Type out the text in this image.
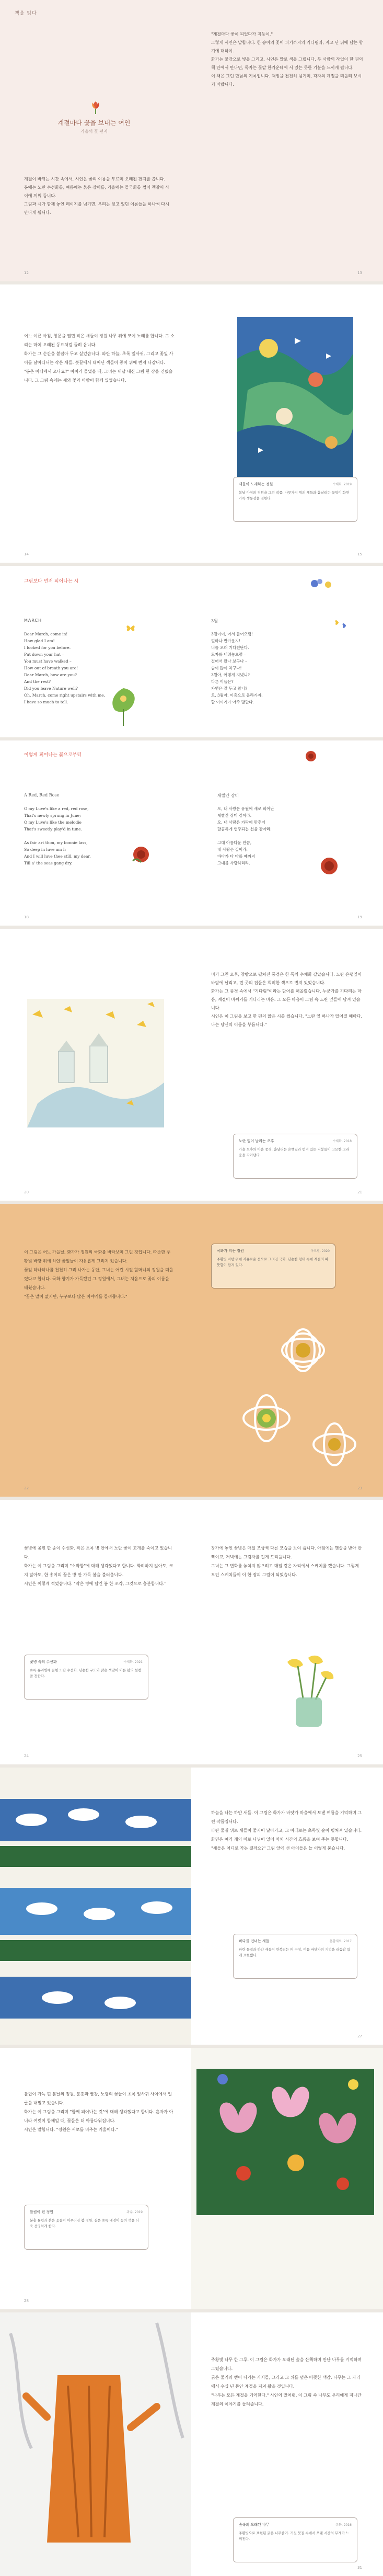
책을 읽다
계절마다 꽃을 보내는 여인
가을의 꽃 편지

계절이 바뀌는 시간 속에서, 시인은 꽃의 이름을 부르며 오래된 편지를 씁니다. 봄에는 노란 수선화를, 여름에는 붉은 장미를, 가을에는 들국화를 꺾어 책갈피 사이에 끼워 둡니다.
그림과 시가 함께 놓인 페이지를 넘기면, 우리는 잊고 있던 이름들을 하나씩 다시 만나게 됩니다.

"계절마다 꽃이 피었다가 지듯이."
그렇게 시인은 말합니다. 한 송이의 꽃이 피기까지의 기다림과, 지고 난 뒤에 남는 향기에 대하여.
화가는 물감으로 빛을 그리고, 시인은 말로 색을 그립니다. 두 사람의 작업이 한 권의 책 안에서 만나면, 독자는 꽃밭 한가운데에 서 있는 듯한 기분을 느끼게 됩니다.
이 책은 그런 만남의 기록입니다. 책장을 천천히 넘기며, 각자의 계절을 떠올려 보시기 바랍니다.

12	13

어느 이른 아침, 창문을 열면 작은 새들이 정원 나무 위에 모여 노래를 합니다. 그 소리는 마치 오래된 동요처럼 들려 옵니다.
화가는 그 순간을 붙잡아 두고 싶었습니다. 파란 하늘, 초록 잎사귀, 그리고 꽃잎 사이를 날아다니는 작은 새들. 붓끝에서 태어난 색들이 종이 위에 번져 나갑니다.
"봄은 어디에서 오나요?" 아이가 물었을 때, 그녀는 대답 대신 그림 한 장을 건넸습니다. 그 그림 속에는 새와 꽃과 바람이 함께 있었습니다.

새들이 노래하는 정원	수채화, 2019
봄날 아침의 정원을 그린 작품. 나뭇가지 위의 새들과 흩날리는 꽃잎이 화면 가득 생동감을 전한다.
14	15
그림보다 먼저 피어나는 시
MARCH

Dear March, come in!
How glad I am!
I looked for you before.
Put down your hat –
You must have walked –
How out of breath you are!
Dear March, how are you?
And the rest?
Did you leave Nature well?
Oh, March, come right upstairs with me,
I have so much to tell.

3월

3월이여, 어서 들어오렴!
얼마나 반가운지!
너를 오래 기다렸단다.
모자를 내려놓으렴 –
걸어서 왔나 보구나 –
숨이 많이 차구나!
3월아, 어떻게 지냈니?
다른 이들은?
자연은 잘 두고 왔니?
오, 3월아, 이층으로 올라가자,
할 이야기가 아주 많단다.

이렇게 피어나는 꽃으로부터
A Red, Red Rose

O my Luve's like a red, red rose,
That's newly sprung in June;
O my Luve's like the melodie
That's sweetly play'd in tune.

As fair art thou, my bonnie lass,
So deep in luve am I;
And I will luve thee still, my dear,
Till a' the seas gang dry.

새빨간 장미

오, 내 사랑은 유월에 새로 피어난
새빨간 장미 같아라.
오, 내 사랑은 가락에 맞추어
달콤하게 연주되는 선율 같아라.

그대 아름다운 만큼,
내 사랑은 깊어라.
바다가 다 마를 때까지
그대를 사랑하리라.

18	19

비가 그친 오후, 창밖으로 펼쳐진 풍경은 한 폭의 수채화 같았습니다. 노란 은행잎이 바람에 날리고, 먼 곳의 집들은 희미한 색으로 번져 있었습니다.
화가는 그 풍경 속에서 "기다림"이라는 단어를 떠올렸습니다. 누군가를 기다리는 마음, 계절이 바뀌기를 기다리는 마음. 그 모든 마음이 그림 속 노란 잎들에 담겨 있습니다.
시인은 이 그림을 보고 한 편의 짧은 시를 썼습니다. "노란 잎 하나가 떨어질 때마다, 나는 당신의 이름을 부릅니다."

노란 잎이 날리는 오후	수채화, 2018
가을 오후의 마을 풍경. 흩날리는 은행잎과 번져 있는 지붕들이 고요한 그리움을 자아낸다.
20	21

이 그림은 어느 가을날, 화가가 정원의 국화를 바라보며 그린 것입니다. 따뜻한 주황빛 바탕 위에 하얀 꽃잎들이 자유롭게 그려져 있습니다.
꽃잎 하나하나를 천천히 그려 나가는 동안, 그녀는 어린 시절 할머니의 정원을 떠올렸다고 합니다. 국화 향기가 가득했던 그 정원에서, 그녀는 처음으로 꽃의 이름을 배웠습니다.
"꽃은 말이 없지만, 누구보다 많은 이야기를 들려줍니다."

국화가 피는 정원	아크릴, 2020
주황빛 바탕 위에 자유로운 선으로 그려진 국화. 단순한 형태 속에 계절의 따뜻함이 담겨 있다.
22	23

꽃병에 꽂힌 한 송이 수선화. 작은 초록 병 안에서 노란 꽃이 고개를 숙이고 있습니다.
화가는 이 그림을 그리며 "소박함"에 대해 생각했다고 합니다. 화려하지 않아도, 크지 않아도, 한 송이의 꽃은 방 안 가득 봄을 불러옵니다.
시인은 이렇게 적었습니다. "작은 병에 담긴 봄 한 조각, 그것으로 충분합니다."

꽃병 속의 수선화	수채화, 2021
초록 유리병에 꽂힌 노란 수선화. 단순한 구도와 맑은 색감이 이른 봄의 설렘을 전한다.

창가에 놓인 꽃병은 매일 조금씩 다른 모습을 보여 줍니다. 아침에는 햇살을 받아 반짝이고, 저녁에는 그림자를 길게 드리웁니다.
그녀는 그 변화를 놓치지 않으려고 매일 같은 자리에서 스케치를 했습니다. 그렇게 모인 스케치들이 이 한 장의 그림이 되었습니다.

24	25

하늘을 나는 하얀 새들. 이 그림은 화가가 바닷가 마을에서 보낸 여름을 기억하며 그린 작품입니다.
파란 물결 위로 새들이 줄지어 날아가고, 그 아래로는 초록빛 숲이 펼쳐져 있습니다. 화면은 여러 개의 띠로 나뉘어 있어 마치 시간의 흐름을 보여 주는 듯합니다.
"새들은 어디로 가는 걸까요?" 그림 앞에 선 아이들은 늘 이렇게 묻습니다.

바다를 건너는 새들	혼합재료, 2017
파란 물결과 하얀 새들이 반복되는 띠 구성. 여름 바닷가의 기억을 리듬감 있게 표현했다.
27

튤립이 가득 핀 봄날의 정원. 분홍과 빨강, 노랑의 꽃들이 초록 잎사귀 사이에서 얼굴을 내밀고 있습니다.
화가는 이 그림을 그리며 "함께 피어나는 것"에 대해 생각했다고 합니다. 혼자가 아니라 여럿이 함께일 때, 꽃들은 더 아름다워집니다.
시인은 말합니다. "정원은 서로를 비추는 거울이다."

튤립이 핀 정원	과슈, 2019
분홍 튤립과 붉은 꽃들이 어우러진 봄 정원. 짙은 초록 배경이 꽃의 색을 더욱 선명하게 한다.
28

주황빛 나무 한 그루. 이 그림은 화가가 오래된 숲을 산책하며 만난 나무를 기억하며 그렸습니다.
굵은 줄기와 뻗어 나가는 가지들, 그리고 그 위를 덮은 따뜻한 색감. 나무는 그 자리에서 수십 년 동안 계절을 지켜 왔을 것입니다.
"나무는 모든 계절을 기억한다." 시인의 말처럼, 이 그림 속 나무도 우리에게 지나간 계절의 이야기를 들려줍니다.

숲속의 오래된 나무	유화, 2016
주황빛으로 표현된 굵은 나무줄기. 거친 붓질 속에서 오랜 시간의 무게가 느껴진다.
31
